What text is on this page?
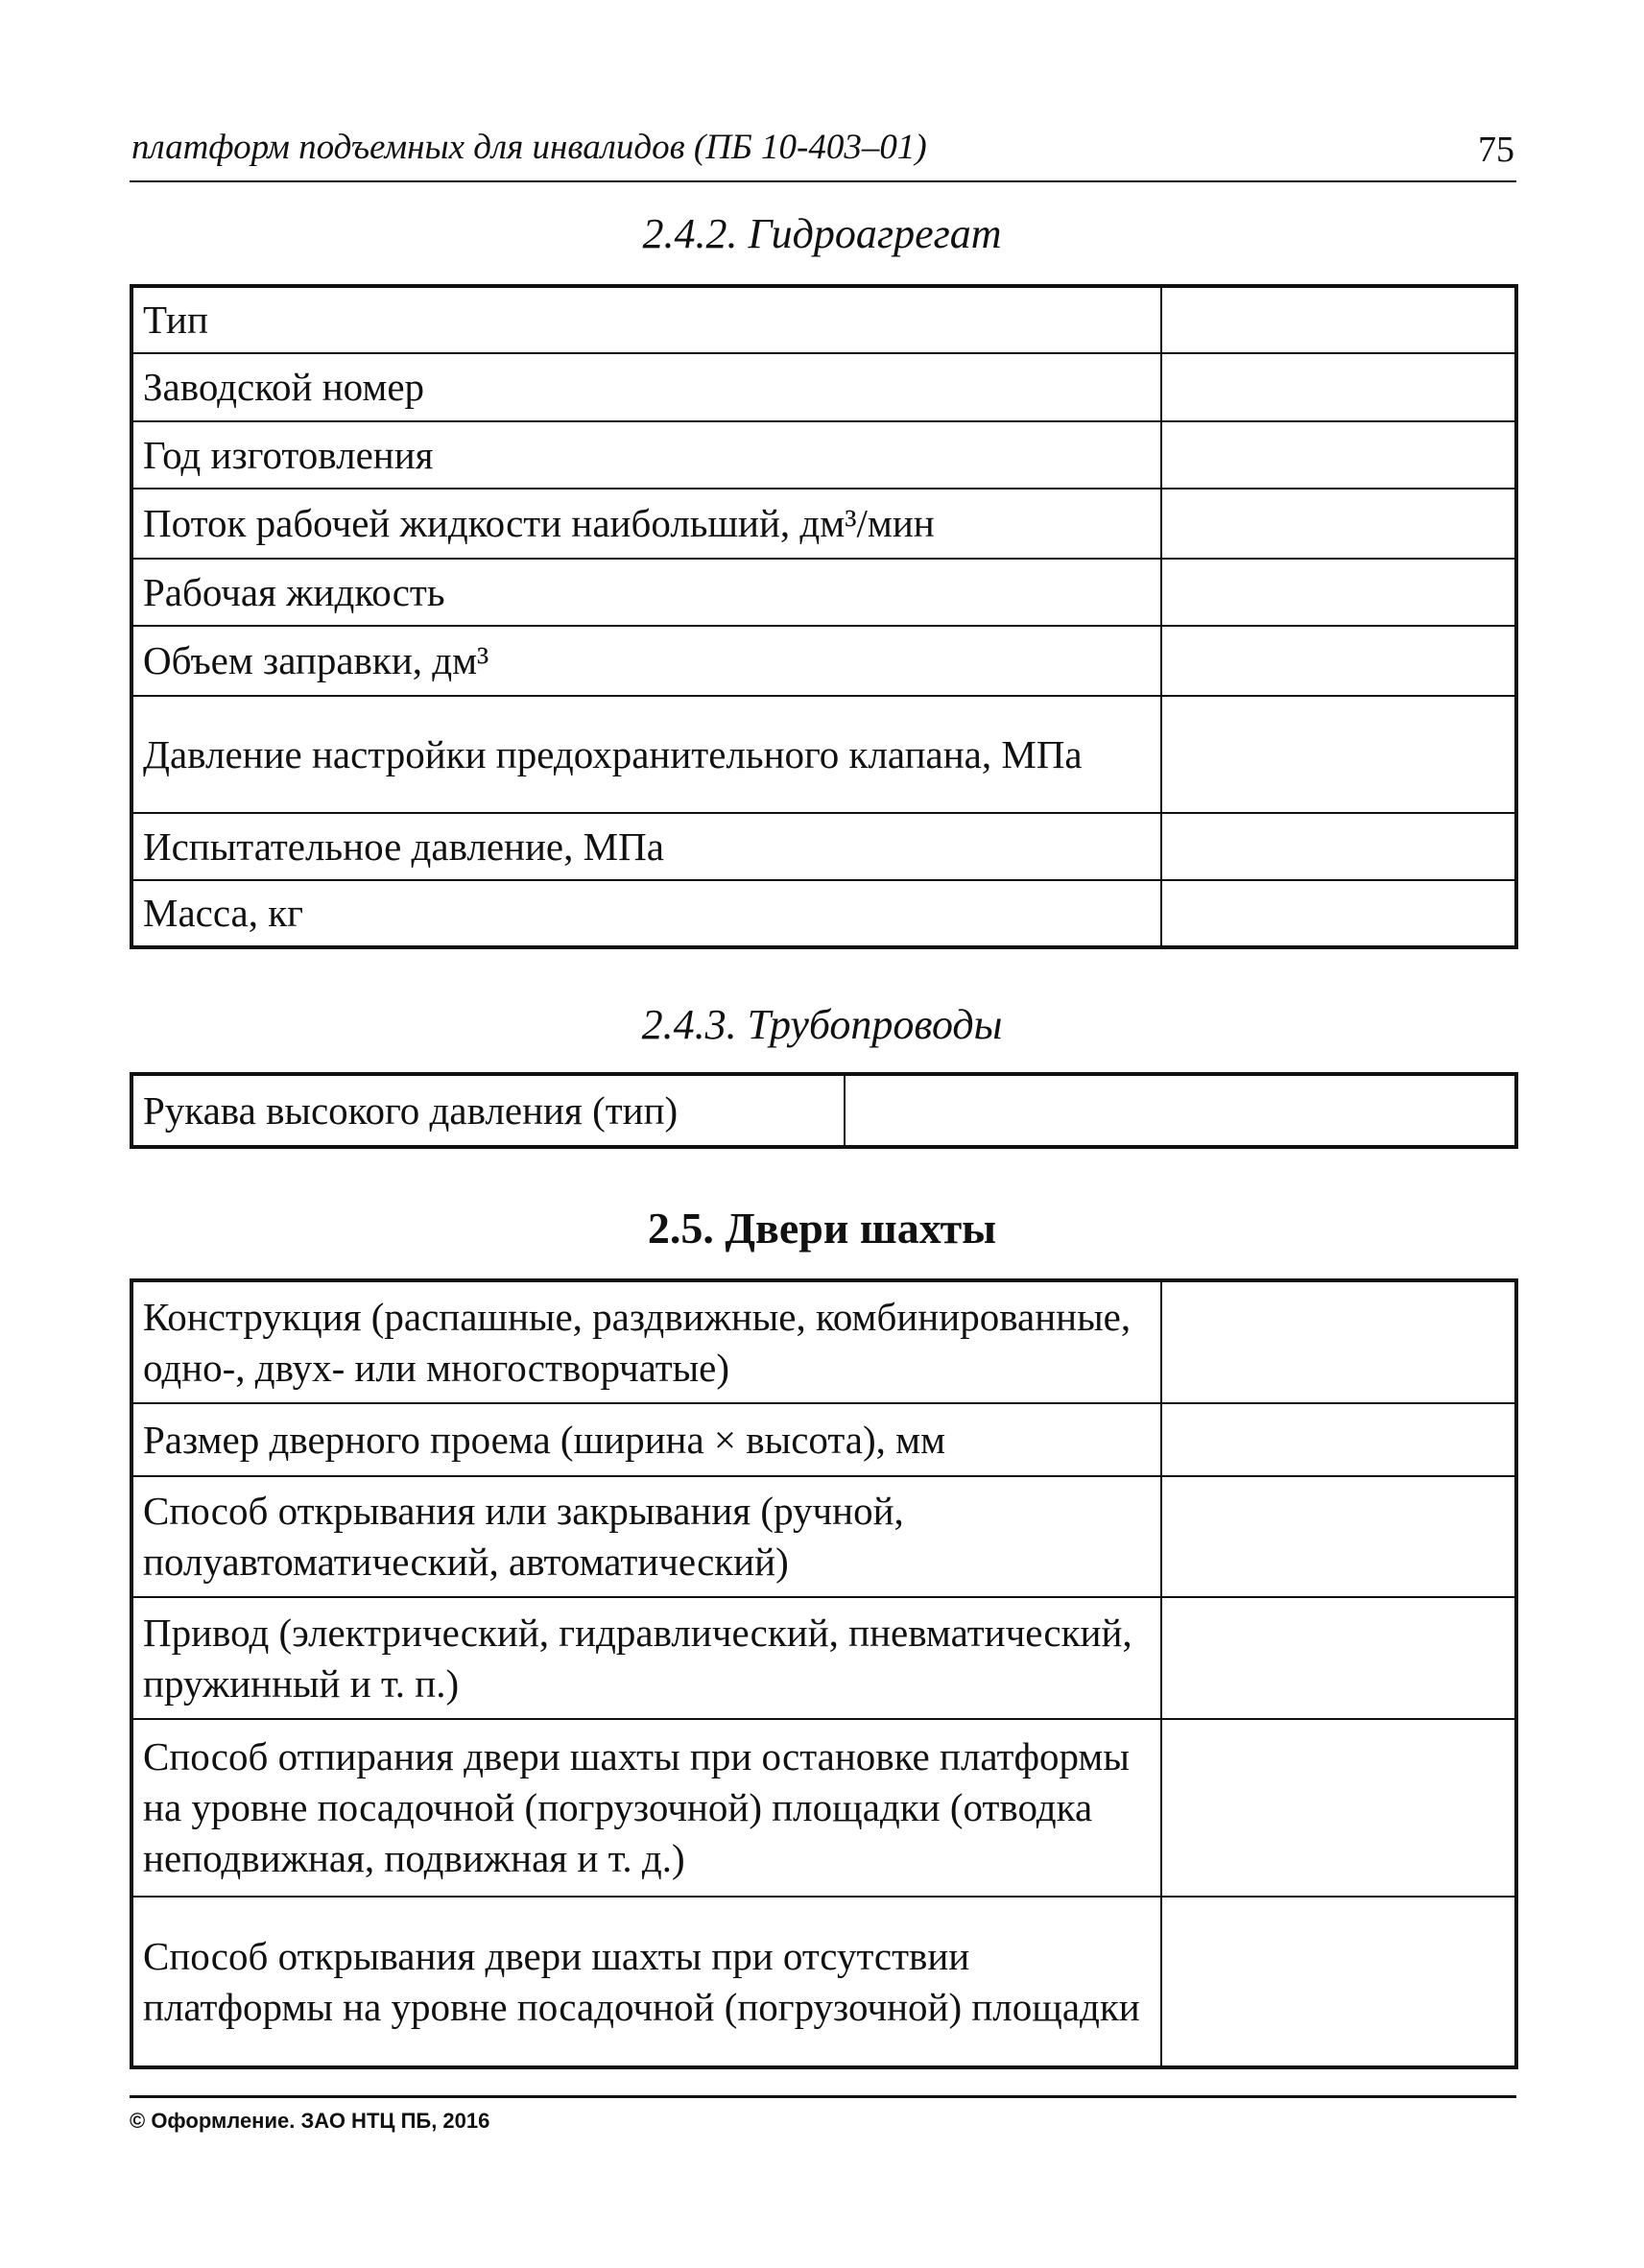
платформ подъемных для инвалидов (ПБ 10-403–01)	75
2.4.2. Гидроагрегат
Тип	
Заводской номер	
Год изготовления	
Поток рабочей жидкости наибольший, дм³/мин	
Рабочая жидкость	
Объем заправки, дм³	
Давление настройки предохранительного клапана, МПа	
Испытательное давление, МПа	
Масса, кг	
2.4.3. Трубопроводы
Рукава высокого давления (тип)	
2.5. Двери шахты
Конструкция (распашные, раздвижные, комбинированные, одно-, двух- или многостворчатые)	
Размер дверного проема (ширина × высота), мм	
Способ открывания или закрывания (ручной, полуавтоматический, автоматический)	
Привод (электрический, гидравлический, пневматический, пружинный и т. п.)	
Способ отпирания двери шахты при остановке платформы на уровне посадочной (погрузочной) площадки (отводка неподвижная, подвижная и т. д.)	
Способ открывания двери шахты при отсутствии платформы на уровне посадочной (погрузочной) площадки	
© Оформление. ЗАО НТЦ ПБ, 2016
